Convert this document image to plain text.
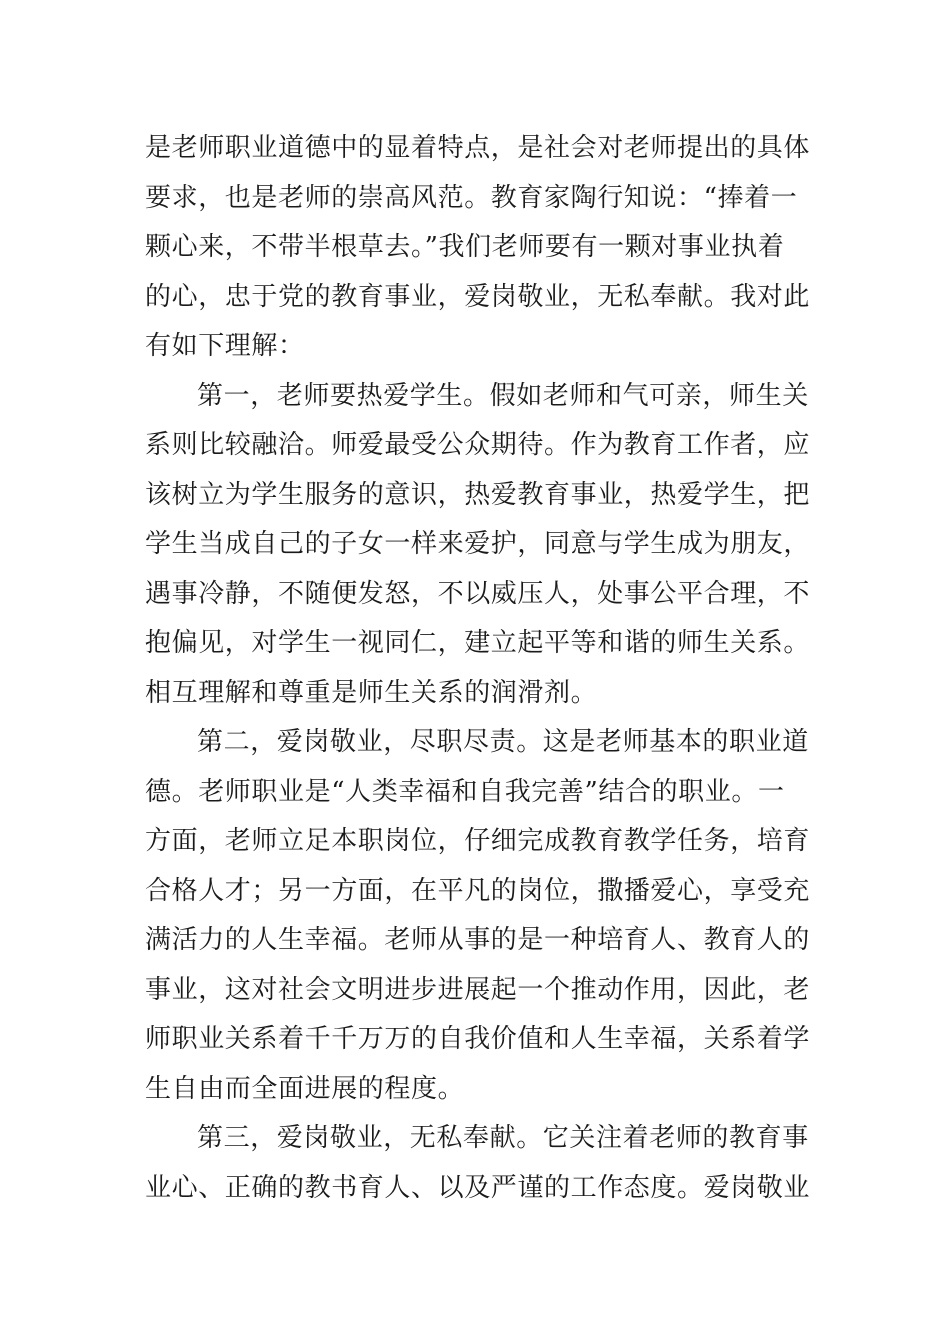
是老师职业道德中的显着特点，是社会对老师提出的具体
要求，也是老师的崇高风范。教育家陶行知说：“捧着一
颗心来，不带半根草去。”我们老师要有一颗对事业执着
的心，忠于党的教育事业，爱岗敬业，无私奉献。我对此
有如下理解：
第一，老师要热爱学生。假如老师和气可亲，师生关
系则比较融洽。师爱最受公众期待。作为教育工作者，应
该树立为学生服务的意识，热爱教育事业，热爱学生，把
学生当成自己的子女一样来爱护，同意与学生成为朋友，
遇事冷静，不随便发怒，不以威压人，处事公平合理，不
抱偏见，对学生一视同仁，建立起平等和谐的师生关系。
相互理解和尊重是师生关系的润滑剂。
第二，爱岗敬业，尽职尽责。这是老师基本的职业道
德。老师职业是“人类幸福和自我完善”结合的职业。一
方面，老师立足本职岗位，仔细完成教育教学任务，培育
合格人才；另一方面，在平凡的岗位，撒播爱心，享受充
满活力的人生幸福。老师从事的是一种培育人、教育人的
事业，这对社会文明进步进展起一个推动作用，因此，老
师职业关系着千千万万的自我价值和人生幸福，关系着学
生自由而全面进展的程度。
第三，爱岗敬业，无私奉献。它关注着老师的教育事
业心、正确的教书育人、以及严谨的工作态度。爱岗敬业
